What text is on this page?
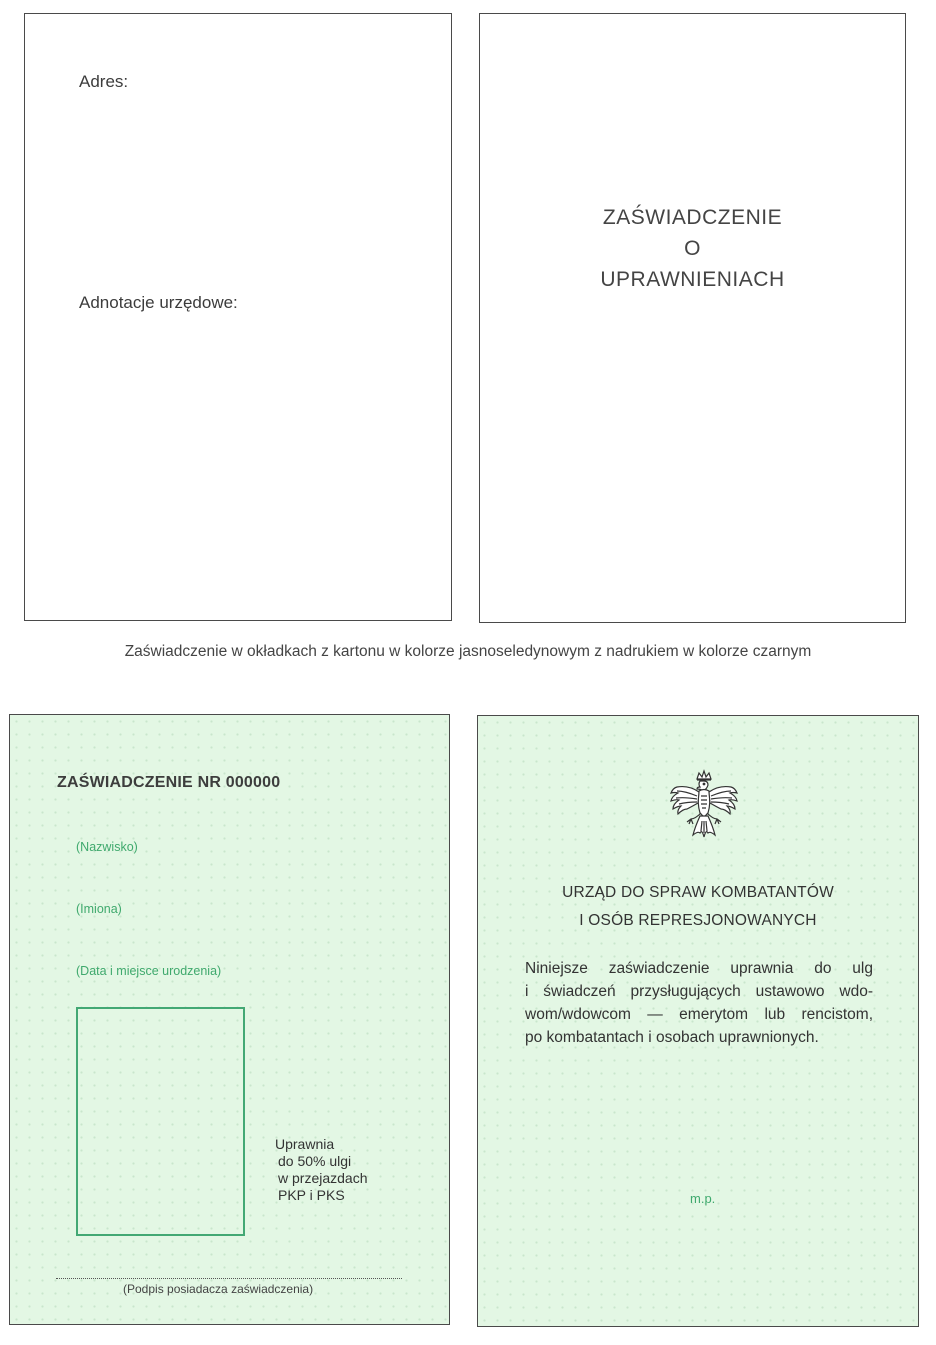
Adres:
Adnotacje urzędowe:
ZAŚWIADCZENIE
O
UPRAWNIENIACH
Zaświadczenie w okładkach z kartonu w kolorze jasnoseledynowym z nadrukiem w kolorze czarnym
ZAŚWIADCZENIE NR 000000
(Nazwisko)
(Imiona)
(Data i miejsce urodzenia)
Uprawnia
do 50% ulgi
w przejazdach
PKP i PKS
(Podpis posiadacza zaświadczenia)
URZĄD DO SPRAW KOMBATANTÓW
I OSÓB REPRESJONOWANYCH
Niniejsze zaświadczenie uprawnia do ulg
i świadczeń przysługujących ustawowo wdo-
wom/wdowcom — emerytom lub rencistom,
po kombatantach i osobach uprawnionych.
m.p.
